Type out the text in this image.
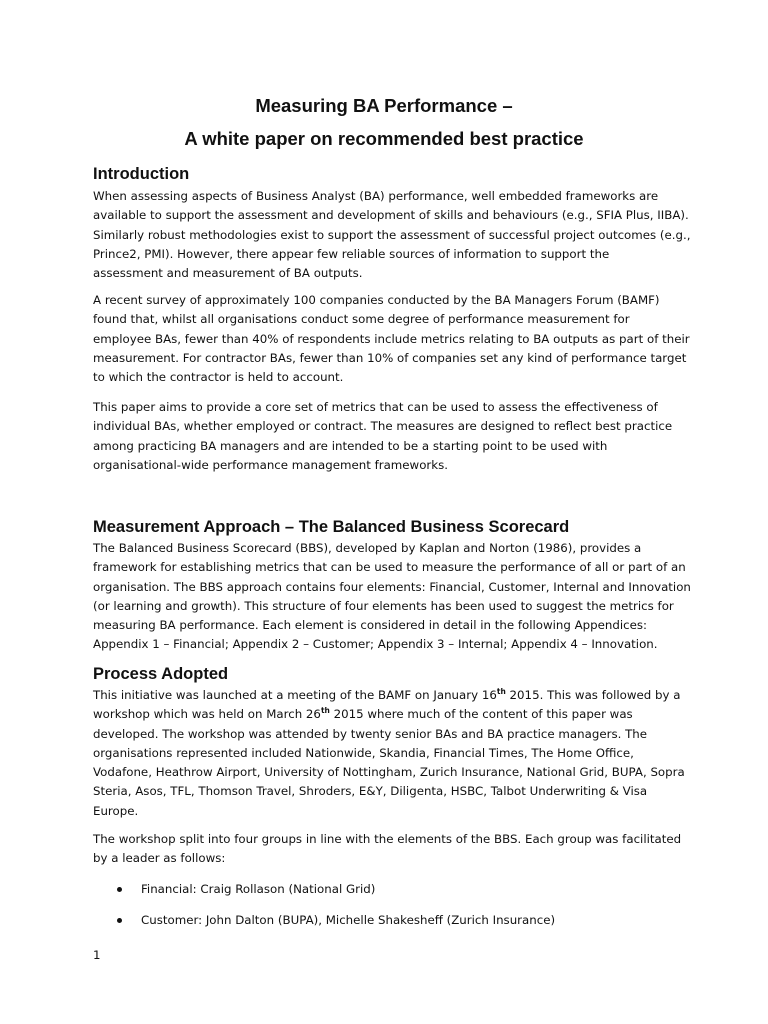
Measuring BA Performance –
A white paper on recommended best practice
Introduction

When assessing aspects of Business Analyst (BA) performance, well embedded frameworks are
available to support the assessment and development of skills and behaviours (e.g., SFIA Plus, IIBA).
Similarly robust methodologies exist to support the assessment of successful project outcomes (e.g.,
Prince2, PMI). However, there appear few reliable sources of information to support the
assessment and measurement of BA outputs.

A recent survey of approximately 100 companies conducted by the BA Managers Forum (BAMF)
found that, whilst all organisations conduct some degree of performance measurement for
employee BAs, fewer than 40% of respondents include metrics relating to BA outputs as part of their
measurement. For contractor BAs, fewer than 10% of companies set any kind of performance target
to which the contractor is held to account.

This paper aims to provide a core set of metrics that can be used to assess the effectiveness of
individual BAs, whether employed or contract. The measures are designed to reflect best practice
among practicing BA managers and are intended to be a starting point to be used with
organisational-wide performance management frameworks.

Measurement Approach – The Balanced Business Scorecard

The Balanced Business Scorecard (BBS), developed by Kaplan and Norton (1986), provides a
framework for establishing metrics that can be used to measure the performance of all or part of an
organisation. The BBS approach contains four elements: Financial, Customer, Internal and Innovation
(or learning and growth). This structure of four elements has been used to suggest the metrics for
measuring BA performance. Each element is considered in detail in the following Appendices:
Appendix 1 – Financial; Appendix 2 – Customer; Appendix 3 – Internal; Appendix 4 – Innovation.

Process Adopted

This initiative was launched at a meeting of the BAMF on January 16th 2015. This was followed by a
workshop which was held on March 26th 2015 where much of the content of this paper was
developed. The workshop was attended by twenty senior BAs and BA practice managers. The
organisations represented included Nationwide, Skandia, Financial Times, The Home Office,
Vodafone, Heathrow Airport, University of Nottingham, Zurich Insurance, National Grid, BUPA, Sopra
Steria, Asos, TFL, Thomson Travel, Shroders, E&Y, Diligenta, HSBC, Talbot Underwriting & Visa
Europe.

The workshop split into four groups in line with the elements of the BBS. Each group was facilitated
by a leader as follows:

Financial: Craig Rollason (National Grid)
Customer: John Dalton (BUPA), Michelle Shakesheff (Zurich Insurance)
1
